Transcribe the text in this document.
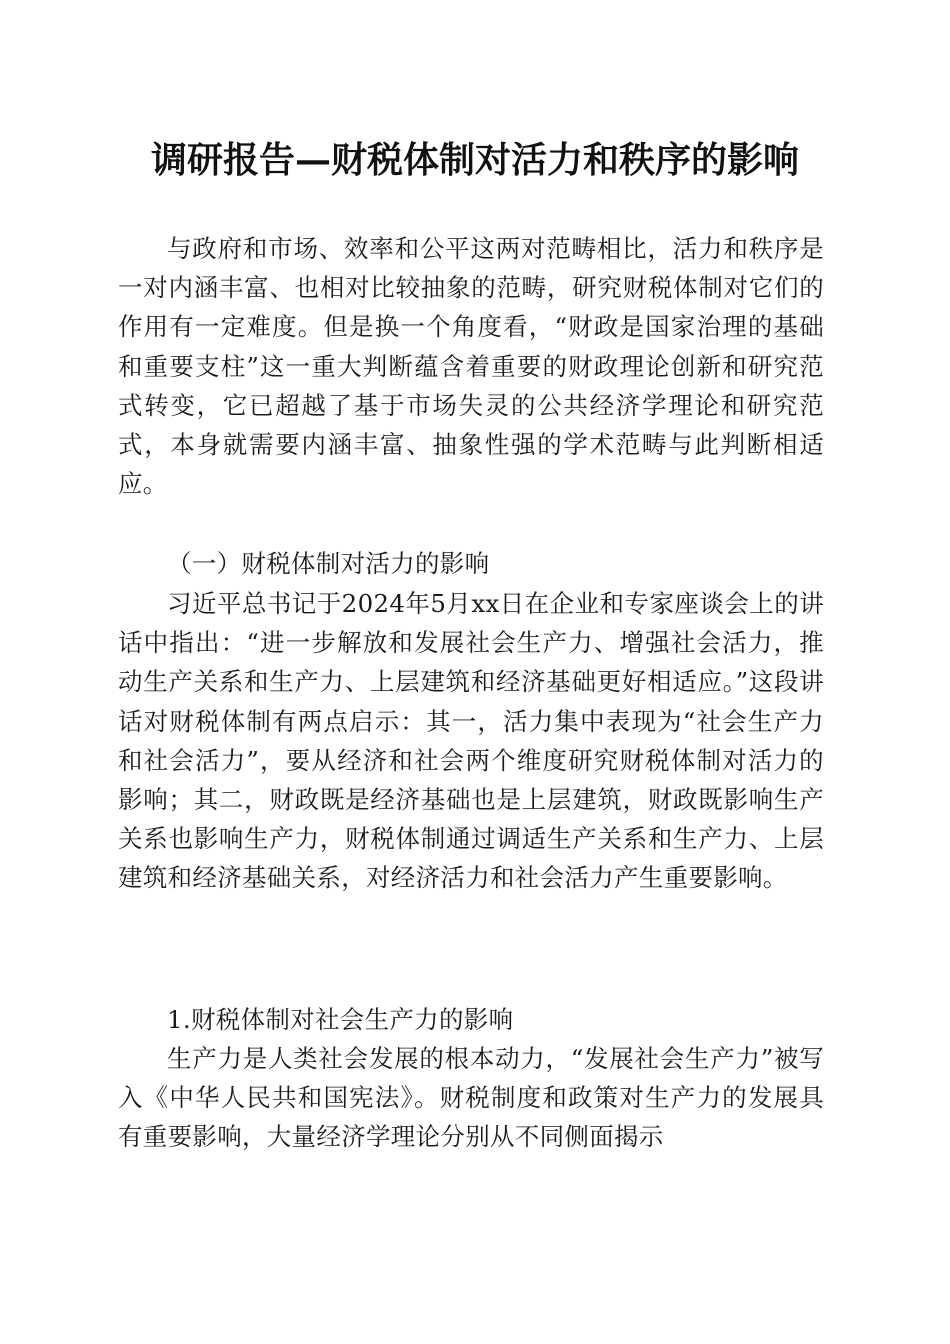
调研报告—财税体制对活力和秩序的影响

与政府和市场、效率和公平这两对范畴相比，活力和秩序是一对内涵丰富、也相对比较抽象的范畴，研究财税体制对它们的作用有一定难度。但是换一个角度看，“财政是国家治理的基础和重要支柱”这一重大判断蕴含着重要的财政理论创新和研究范式转变，它已超越了基于市场失灵的公共经济学理论和研究范式，本身就需要内涵丰富、抽象性强的学术范畴与此判断相适应。

（一）财税体制对活力的影响

习近平总书记于2024年5月xx日在企业和专家座谈会上的讲话中指出：“进一步解放和发展社会生产力、增强社会活力，推动生产关系和生产力、上层建筑和经济基础更好相适应。”这段讲话对财税体制有两点启示：其一，活力集中表现为“社会生产力和社会活力”，要从经济和社会两个维度研究财税体制对活力的影响；其二，财政既是经济基础也是上层建筑，财政既影响生产关系也影响生产力，财税体制通过调适生产关系和生产力、上层建筑和经济基础关系，对经济活力和社会活力产生重要影响。

1.财税体制对社会生产力的影响

生产力是人类社会发展的根本动力，“发展社会生产力”被写入《中华人民共和国宪法》。财税制度和政策对生产力的发展具有重要影响，大量经济学理论分别从不同侧面揭示
